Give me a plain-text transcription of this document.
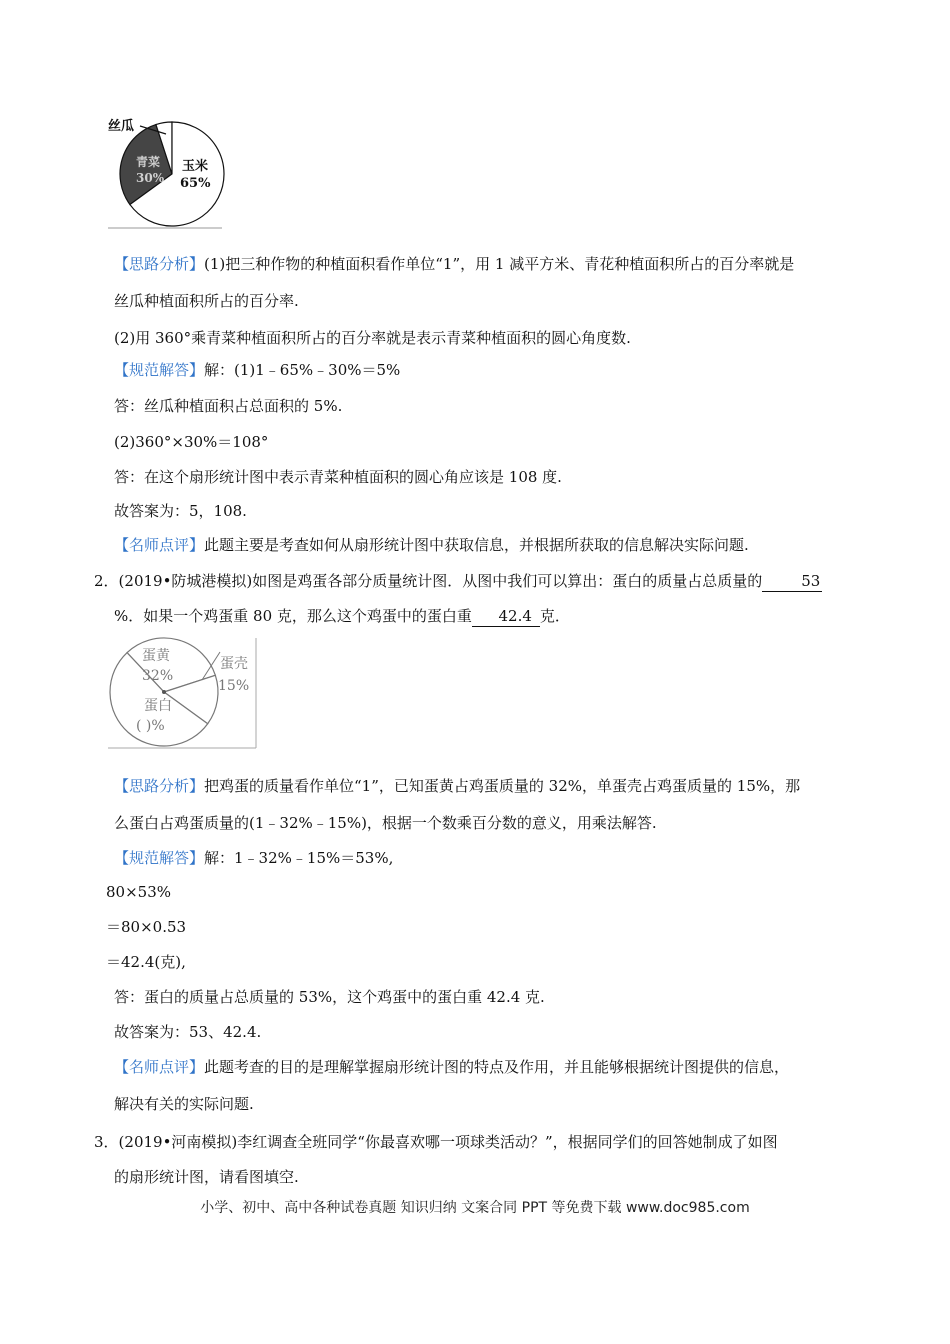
丝瓜
青菜
30%
玉米
65%
【思路分析】(1)把三种作物的种植面积看作单位“1”，用 1 减平方米、青花种植面积所占的百分率就是
丝瓜种植面积所占的百分率.
(2)用 360°乘青菜种植面积所占的百分率就是表示青菜种植面积的圆心角度数.
【规范解答】解：(1)1﹣65%﹣30%＝5%
答：丝瓜种植面积占总面积的 5%.
(2)360°×30%＝108°
答：在这个扇形统计图中表示青菜种植面积的圆心角应该是 108 度.
故答案为：5，108.
【名师点评】此题主要是考查如何从扇形统计图中获取信息，并根据所获取的信息解决实际问题.
2．(2019•防城港模拟)如图是鸡蛋各部分质量统计图．从图中我们可以算出：蛋白的质量占总质量的	53
%．如果一个鸡蛋重 80 克，那么这个鸡蛋中的蛋白重 42.4 克．
蛋黄
32%
蛋壳
15%
蛋白
( )%
【思路分析】把鸡蛋的质量看作单位“1”，已知蛋黄占鸡蛋质量的 32%，单蛋壳占鸡蛋质量的 15%，那
么蛋白占鸡蛋质量的(1﹣32%﹣15%)，根据一个数乘百分数的意义，用乘法解答.
【规范解答】解：1﹣32%﹣15%＝53%,
80×53%
＝80×0.53
＝42.4(克),
答：蛋白的质量占总质量的 53%，这个鸡蛋中的蛋白重 42.4 克.
故答案为：53、42.4.
【名师点评】此题考查的目的是理解掌握扇形统计图的特点及作用，并且能够根据统计图提供的信息，
解决有关的实际问题.
3．(2019•河南模拟)李红调查全班同学“你最喜欢哪一项球类活动？”，根据同学们的回答她制成了如图
的扇形统计图，请看图填空.
小学、初中、高中各种试卷真题 知识归纳 文案合同 PPT 等免费下载 www.doc985.com
